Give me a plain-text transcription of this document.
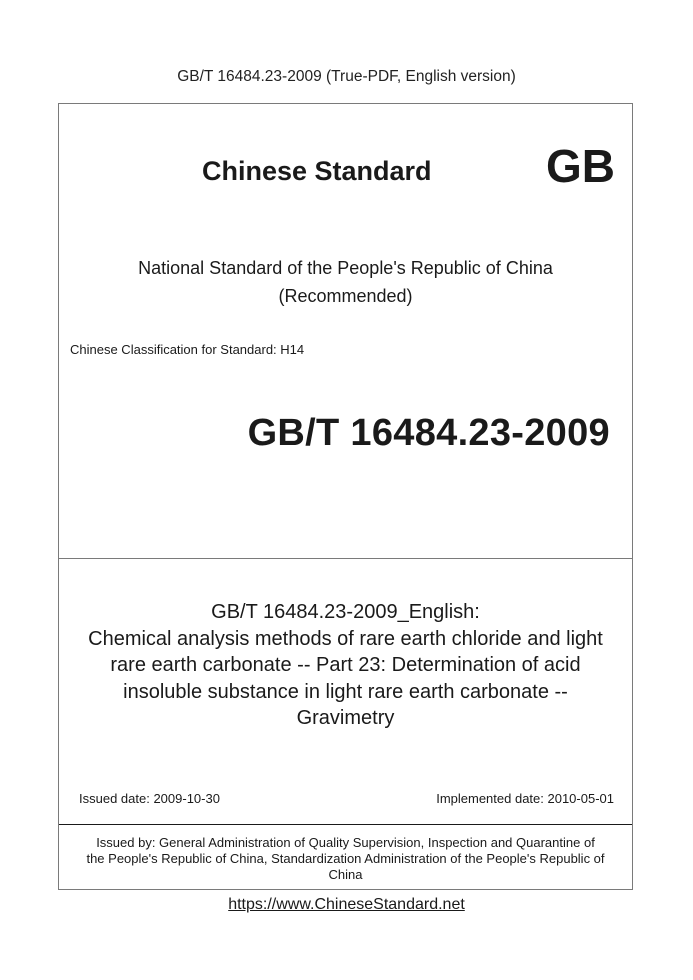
GB/T 16484.23-2009 (True-PDF, English version)
Chinese Standard GB
National Standard of the People's Republic of China
(Recommended)
Chinese Classification for Standard: H14
GB/T 16484.23-2009
GB/T 16484.23-2009_English:
Chemical analysis methods of rare earth chloride and light
rare earth carbonate -- Part 23: Determination of acid
insoluble substance in light rare earth carbonate --
Gravimetry
Issued date: 2009-10-30	Implemented date: 2010-05-01
Issued by: General Administration of Quality Supervision, Inspection and Quarantine of
the People's Republic of China, Standardization Administration of the People's Republic of
China
https://www.ChineseStandard.net
